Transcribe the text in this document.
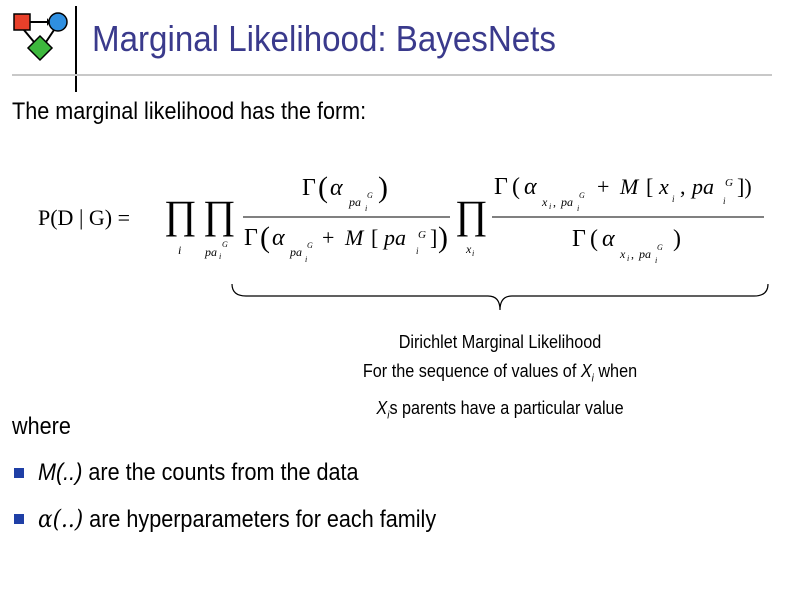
Marginal Likelihood: BayesNets
The marginal likelihood has the form:
P(D | G) = ∏
i
∏
pa i
G
Γ ( α
pa i
G )
Γ ( α
pa
i
G + M [ pa
i
G ] )
∏
x i
Γ ( α
x i , pa i
G + M [ x i , pa
i
G ])
Γ ( α
x i , pa i
G )
Dirichlet Marginal Likelihood
For the sequence of values of $X_i$ when
$X_is$ parents have a particular value
where
M(..) are the counts from the data
α(..) are hyperparameters for each family
